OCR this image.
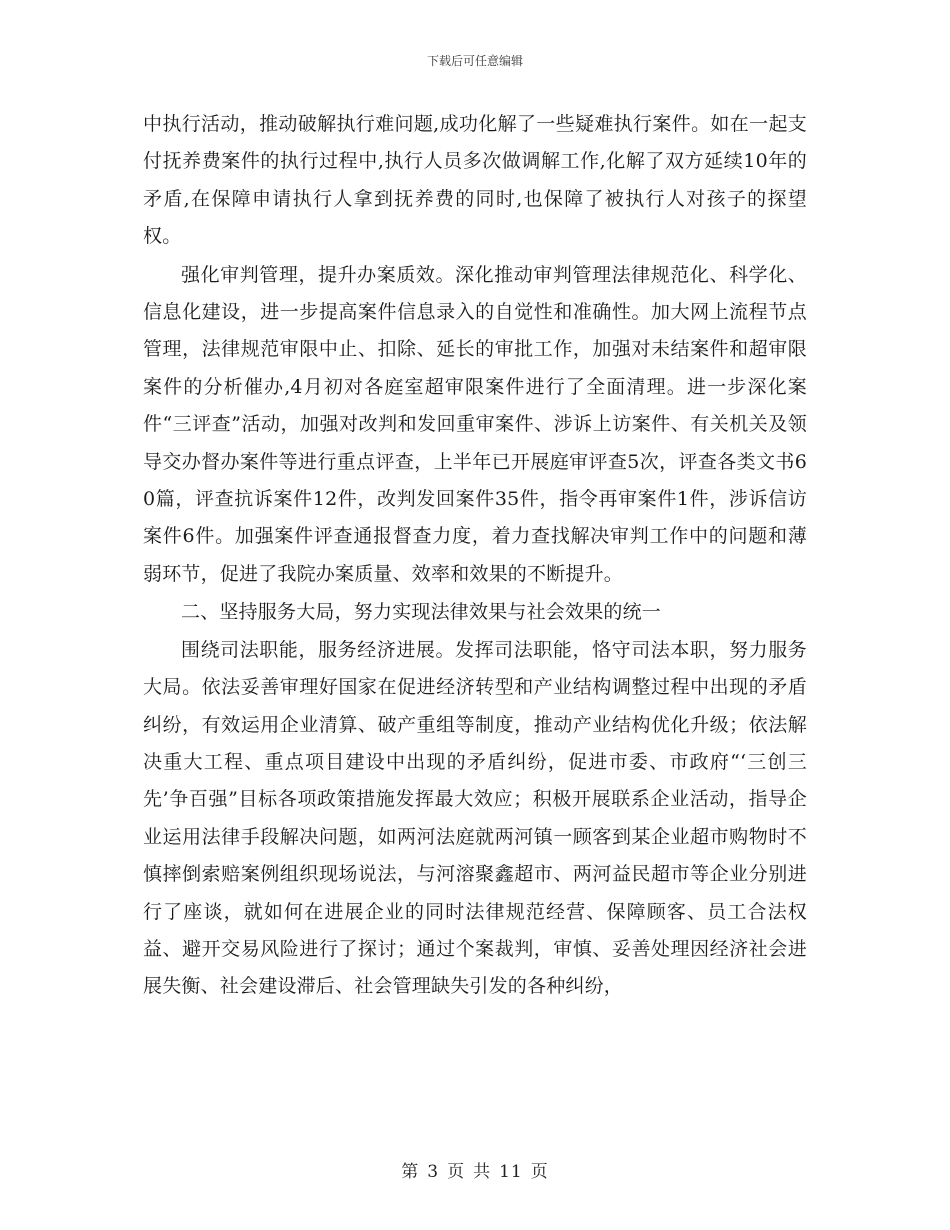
下载后可任意编辑

中执行活动，推动破解执行难问题,成功化解了一些疑难执行案件。如在一起支付抚养费案件的执行过程中,执行人员多次做调解工作,化解了双方延续10年的矛盾,在保障申请执行人拿到抚养费的同时,也保障了被执行人对孩子的探望权。

强化审判管理，提升办案质效。深化推动审判管理法律规范化、科学化、信息化建设，进一步提高案件信息录入的自觉性和准确性。加大网上流程节点管理，法律规范审限中止、扣除、延长的审批工作，加强对未结案件和超审限案件的分析催办,4月初对各庭室超审限案件进行了全面清理。进一步深化案件“三评查”活动，加强对改判和发回重审案件、涉诉上访案件、有关机关及领导交办督办案件等进行重点评查，上半年已开展庭审评查5次，评查各类文书60篇，评查抗诉案件12件，改判发回案件35件，指令再审案件1件，涉诉信访案件6件。加强案件评查通报督查力度，着力查找解决审判工作中的问题和薄弱环节，促进了我院办案质量、效率和效果的不断提升。

二、坚持服务大局，努力实现法律效果与社会效果的统一

围绕司法职能，服务经济进展。发挥司法职能，恪守司法本职，努力服务大局。依法妥善审理好国家在促进经济转型和产业结构调整过程中出现的矛盾纠纷，有效运用企业清算、破产重组等制度，推动产业结构优化升级；依法解决重大工程、重点项目建设中出现的矛盾纠纷，促进市委、市政府“‘三创三先’争百强”目标各项政策措施发挥最大效应；积极开展联系企业活动，指导企业运用法律手段解决问题，如两河法庭就两河镇一顾客到某企业超市购物时不慎摔倒索赔案例组织现场说法，与河溶聚鑫超市、两河益民超市等企业分别进行了座谈，就如何在进展企业的同时法律规范经营、保障顾客、员工合法权益、避开交易风险进行了探讨；通过个案裁判，审慎、妥善处理因经济社会进展失衡、社会建设滞后、社会管理缺失引发的各种纠纷，

第 3 页 共 11 页
